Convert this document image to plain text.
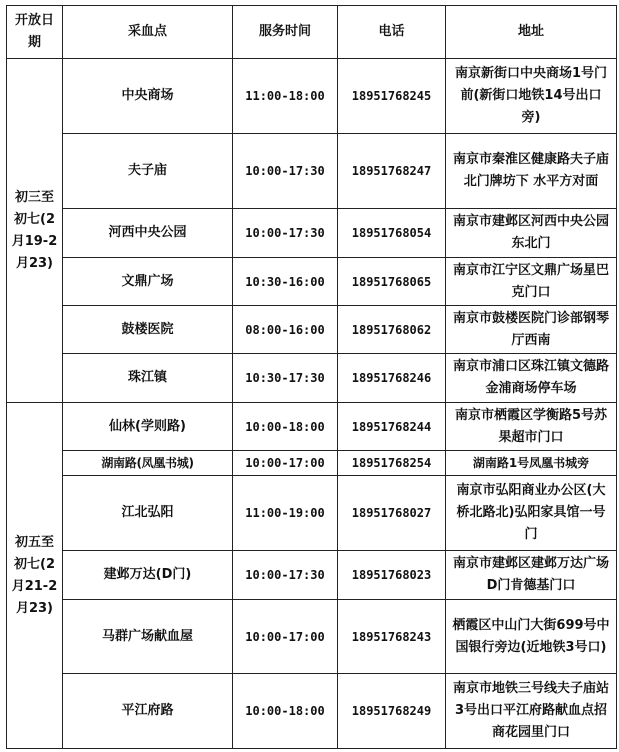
开放日期	采血点	服务时间	电话	地址
初三至初七(2月19-2月23)	中央商场	11:00-18:00	18951768245	南京新街口中央商场1号门前(新街口地铁14号出口旁)
	夫子庙	10:00-17:30	18951768247	南京市秦淮区健康路夫子庙北门牌坊下 水平方对面
	河西中央公园	10:00-17:30	18951768054	南京市建邺区河西中央公园东北门
	文鼎广场	10:30-16:00	18951768065	南京市江宁区文鼎广场星巴克门口
	鼓楼医院	08:00-16:00	18951768062	南京市鼓楼医院门诊部钢琴厅西南
	珠江镇	10:30-17:30	18951768246	南京市浦口区珠江镇文德路金浦商场停车场
初五至初七(2月21-2月23)	仙林(学则路)	10:00-18:00	18951768244	南京市栖霞区学衡路5号苏果超市门口
	湖南路(凤凰书城)	10:00-17:00	18951768254	湖南路1号凤凰书城旁
	江北弘阳	11:00-19:00	18951768027	南京市弘阳商业办公区(大桥北路北)弘阳家具馆一号门
	建邺万达(D门)	10:00-17:30	18951768023	南京市建邺区建邺万达广场D门肯德基门口
	马群广场献血屋	10:00-17:00	18951768243	栖霞区中山门大街699号中国银行旁边(近地铁3号口)
	平江府路	10:00-18:00	18951768249	南京市地铁三号线夫子庙站3号出口平江府路献血点招商花园里门口
